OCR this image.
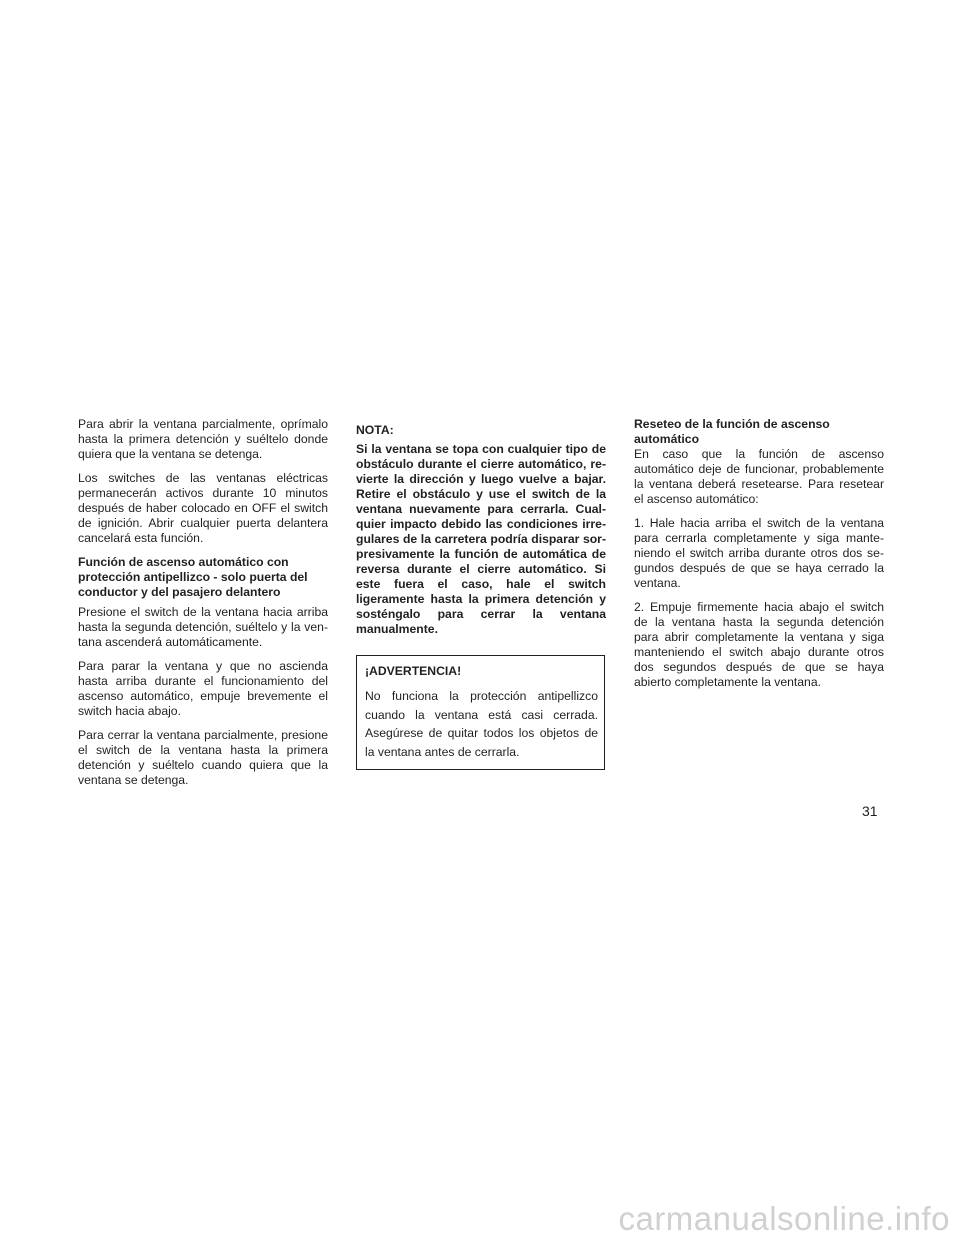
Para abrir la ventana parcialmente, oprímalo hasta la primera detención y suéltelo donde quiera que la ventana se detenga.

Los switches de las ventanas eléctricas permanecerán activos durante 10 minutos después de haber colocado en OFF el switch de ignición. Abrir cualquier puerta delantera cancelará esta función.

Función de ascenso automático con protección antipellizco - solo puerta del conductor y del pasajero delantero

Presione el switch de la ventana hacia arriba hasta la segunda detención, suéltelo y la ventana ascenderá automáticamente.

Para parar la ventana y que no ascienda hasta arriba durante el funcionamiento del ascenso automático, empuje brevemente el switch hacia abajo.

Para cerrar la ventana parcialmente, presione el switch de la ventana hasta la primera detención y suéltelo cuando quiera que la ventana se detenga.

NOTA:

Si la ventana se topa con cualquier tipo de obstáculo durante el cierre automático, revierte la dirección y luego vuelve a bajar. Retire el obstáculo y use el switch de la ventana nuevamente para cerrarla. Cualquier impacto debido las condiciones irregulares de la carretera podría disparar sorpresivamente la función de automática de reversa durante el cierre automático. Si este fuera el caso, hale el switch ligeramente hasta la primera detención y sosténgalo para cerrar la ventana manualmente.

¡ADVERTENCIA!

No funciona la protección antipellizco cuando la ventana está casi cerrada. Asegúrese de quitar todos los objetos de la ventana antes de cerrarla.

Reseteo de la función de ascenso automático

En caso que la función de ascenso automático deje de funcionar, probablemente la ventana deberá resetearse. Para resetear el ascenso automático:

1. Hale hacia arriba el switch de la ventana para cerrarla completamente y siga manteniendo el switch arriba durante otros dos segundos después de que se haya cerrado la ventana.

2. Empuje firmemente hacia abajo el switch de la ventana hasta la segunda detención para abrir completamente la ventana y siga manteniendo el switch abajo durante otros dos segundos después de que se haya abierto completamente la ventana.

31
carmanualsonline.info
